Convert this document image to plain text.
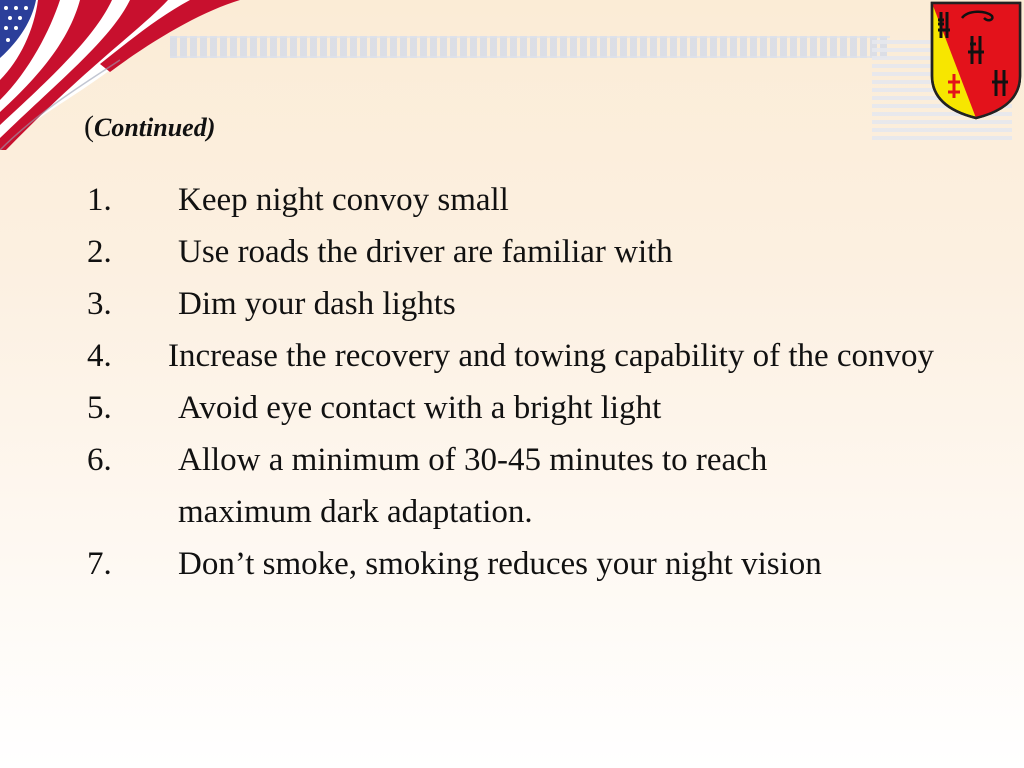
(Continued)
1.	Keep night convoy small
2.	Use roads the driver are familiar with
3.	Dim your dash lights
4.	Increase the recovery and towing capability of the convoy
5.	Avoid eye contact with a bright light
6.	Allow a minimum of 30-45 minutes to reach maximum dark adaptation.
7.	Don’t smoke, smoking reduces your night vision
